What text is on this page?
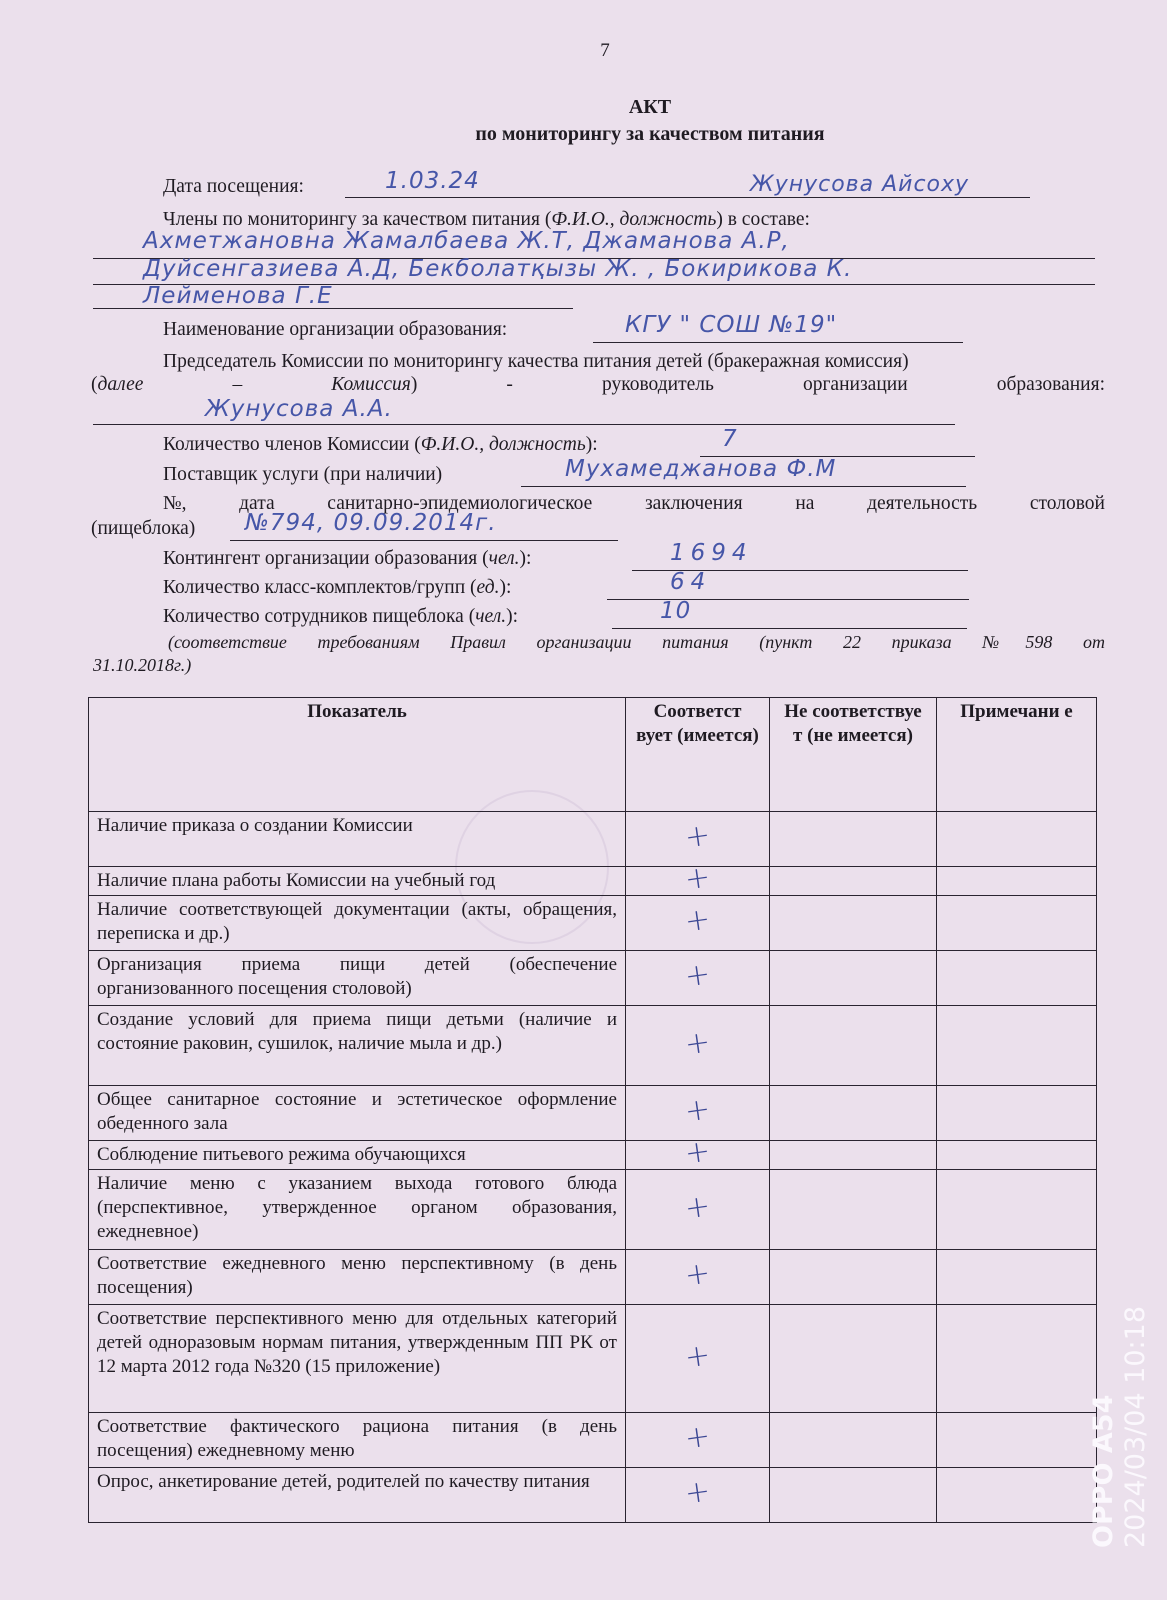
7
АКТ
по мониторингу за качеством питания
Дата посещения:	1.03.24	Жунусова Айсоху
Члены по мониторингу за качеством питания (Ф.И.О., должность) в составе:
Ахметжановна Жамалбаева Ж.Т, Джаманова А.Р,
Дуйсенгазиева А.Д, Бекболатқызы Ж. , Бокирикова К.
Лейменова Г.Е
Наименование организации образования:	КГУ " СОШ №19"
Председатель Комиссии по мониторингу качества питания детей (бракеражная комиссия)
(далее	–	Комиссия)	-	руководитель	организации	образования:
Жунусова А.А.
Количество членов Комиссии (Ф.И.О., должность):	7
Поставщик услуги (при наличии)	Мухамеджанова Ф.М
№,	дата	санитарно-эпидемиологическое	заключения	на	деятельность	столовой
(пищеблока) №794, 09.09.2014г.
Контингент организации образования (чел.):	1694
Количество класс-комплектов/групп (ед.):	64
Количество сотрудников пищеблока (чел.):	10
(соответствие требованиям Правил организации питания (пункт 22 приказа №598 от
31.10.2018г.)
Показатель	Соответст вует (имеется)	Не соответствуе т (не имеется)	Примечани е
Наличие приказа о создании Комиссии	+		
Наличие плана работы Комиссии на учебный год	+		
Наличие соответствующей документации (акты, обращения, переписка и др.)	+		
Организация приема пищи детей (обеспечение организованного посещения столовой)	+		
Создание условий для приема пищи детьми (наличие и состояние раковин, сушилок, наличие мыла и др.)	+		
Общее санитарное состояние и эстетическое оформление обеденного зала	+		
Соблюдение питьевого режима обучающихся	+		
Наличие меню с указанием выхода готового блюда (перспективное, утвержденное органом образования, ежедневное)	+		
Соответствие ежедневного меню перспективному (в день посещения)	+		
Соответствие перспективного меню для отдельных категорий детей одноразовым нормам питания, утвержденным ПП РК от 12 марта 2012 года №320 (15 приложение)	+		
Соответствие фактического рациона питания (в день посещения) ежедневному меню	+		
Опрос, анкетирование детей, родителей по качеству питания	+			2024/03/04 10:18
OPPO A54
